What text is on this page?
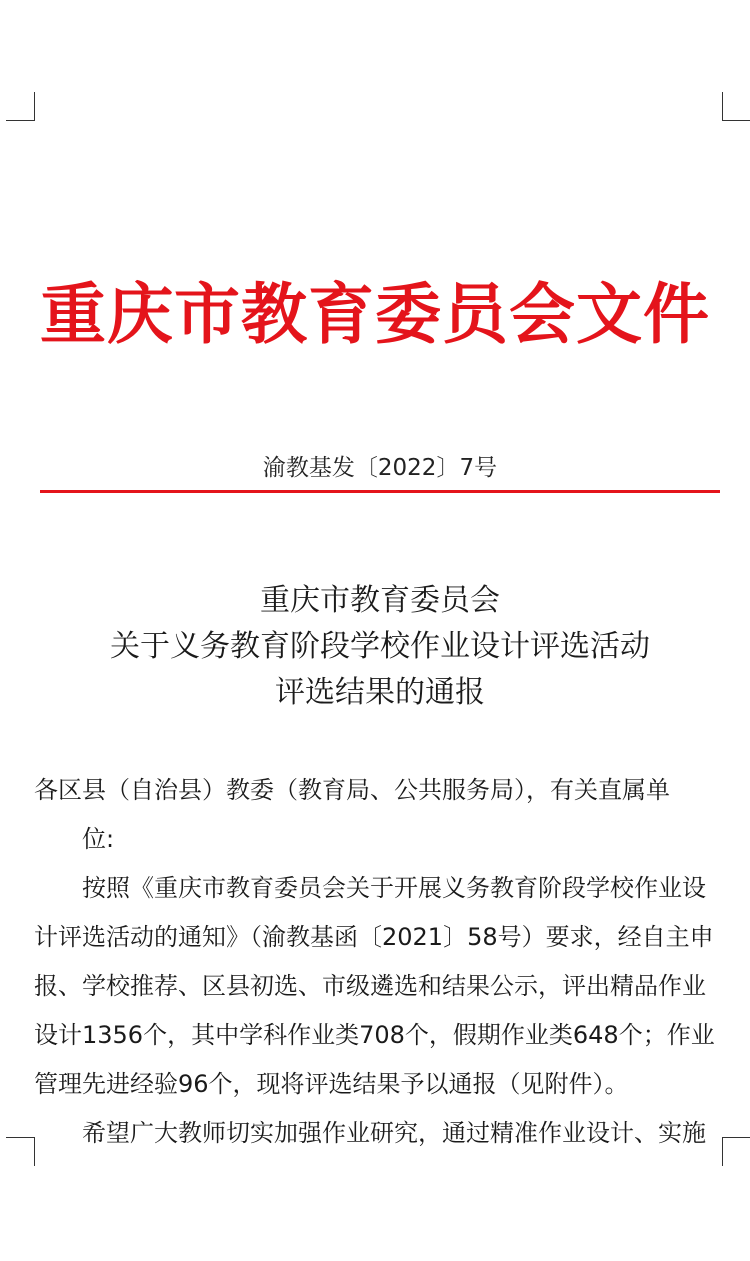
重庆市教育委员会文件
渝教基发〔2022〕7号
重庆市教育委员会
关于义务教育阶段学校作业设计评选活动
评选结果的通报

各区县（自治县）教委（教育局、公共服务局），有关直属单

位:

按照《重庆市教育委员会关于开展义务教育阶段学校作业设

计评选活动的通知》（渝教基函〔2021〕58号）要求，经自主申

报、学校推荐、区县初选、市级遴选和结果公示，评出精品作业

设计1356个，其中学科作业类708个，假期作业类648个；作业

管理先进经验96个，现将评选结果予以通报（见附件）。

希望广大教师切实加强作业研究，通过精准作业设计、实施
